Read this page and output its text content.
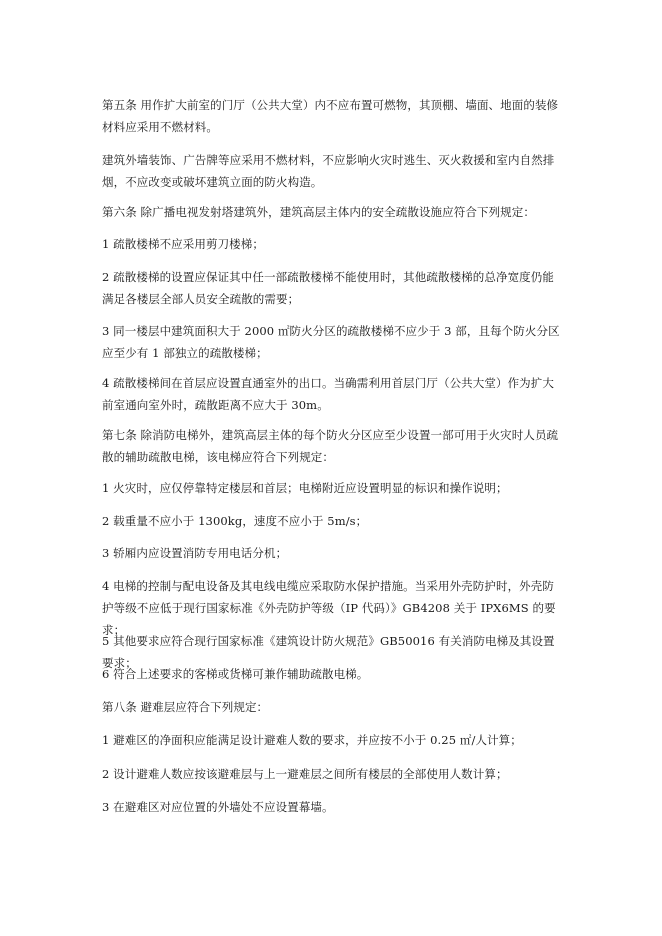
第五条 用作扩大前室的门厅（公共大堂）内不应布置可燃物，其顶棚、墙面、地面的装修材料应采用不燃材料。
建筑外墙装饰、广告牌等应采用不燃材料，不应影响火灾时逃生、灭火救援和室内自然排烟，不应改变或破坏建筑立面的防火构造。
第六条 除广播电视发射塔建筑外，建筑高层主体内的安全疏散设施应符合下列规定：
1 疏散楼梯不应采用剪刀楼梯；
2 疏散楼梯的设置应保证其中任一部疏散楼梯不能使用时，其他疏散楼梯的总净宽度仍能满足各楼层全部人员安全疏散的需要；
3 同一楼层中建筑面积大于 2000 ㎡防火分区的疏散楼梯不应少于 3 部，且每个防火分区应至少有 1 部独立的疏散楼梯；
4 疏散楼梯间在首层应设置直通室外的出口。当确需利用首层门厅（公共大堂）作为扩大前室通向室外时，疏散距离不应大于 30m。
第七条 除消防电梯外，建筑高层主体的每个防火分区应至少设置一部可用于火灾时人员疏散的辅助疏散电梯，该电梯应符合下列规定：
1 火灾时，应仅停靠特定楼层和首层；电梯附近应设置明显的标识和操作说明；
2 载重量不应小于 1300kg，速度不应小于 5m/s；
3 轿厢内应设置消防专用电话分机；
4 电梯的控制与配电设备及其电线电缆应采取防水保护措施。当采用外壳防护时，外壳防护等级不应低于现行国家标准《外壳防护等级（IP 代码）》GB4208 关于 IPX6MS 的要求；
5 其他要求应符合现行国家标准《建筑设计防火规范》GB50016 有关消防电梯及其设置要求；
6 符合上述要求的客梯或货梯可兼作辅助疏散电梯。
第八条 避难层应符合下列规定：
1 避难区的净面积应能满足设计避难人数的要求，并应按不小于 0.25 ㎡/人计算；
2 设计避难人数应按该避难层与上一避难层之间所有楼层的全部使用人数计算；
3 在避难区对应位置的外墙处不应设置幕墙。
